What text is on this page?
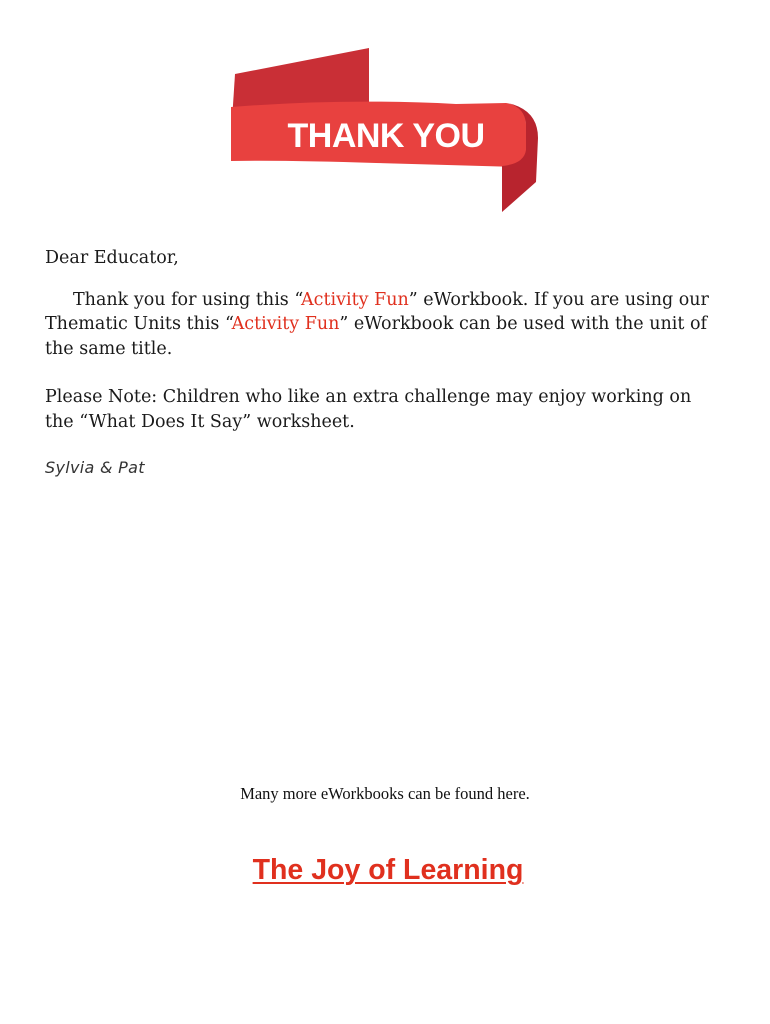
THANK YOU

Dear Educator,

Thank you for using this “Activity Fun” eWorkbook. If you are using our Thematic Units this “Activity Fun” eWorkbook can be used with the unit of the same title.

Please Note: Children who like an extra challenge may enjoy working on the “What Does It Say” worksheet.

Sylvia & Pat
Many more eWorkbooks can be found here.
The Joy of Learning
